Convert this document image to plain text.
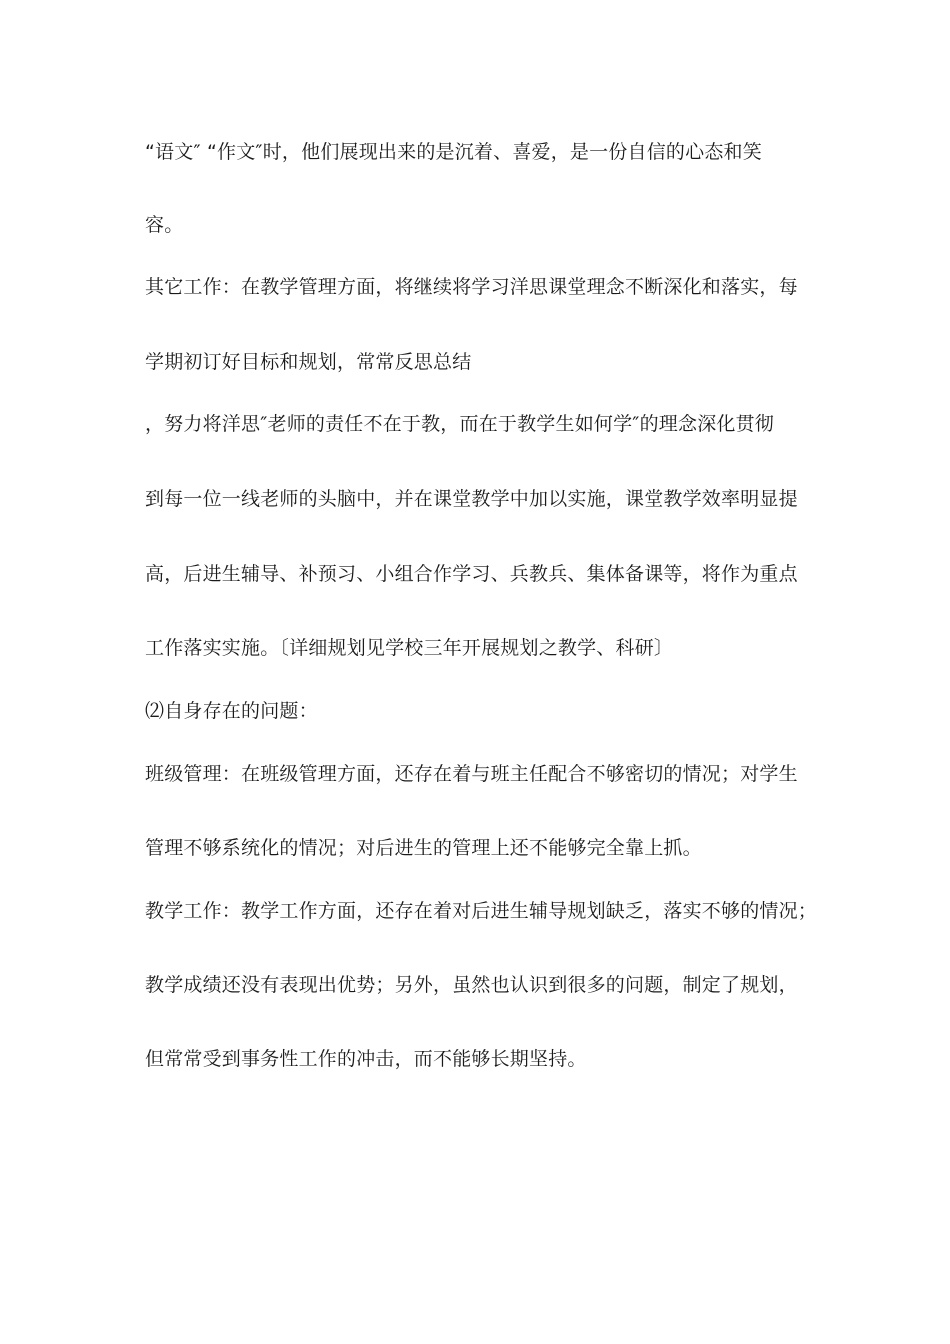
“语文″ “作文″时，他们展现出来的是沉着、喜爱，是一份自信的心态和笑
容。
其它工作：在教学管理方面，将继续将学习洋思课堂理念不断深化和落实，每
学期初订好目标和规划，常常反思总结
，努力将洋思″老师的责任不在于教，而在于教学生如何学″的理念深化贯彻
到每一位一线老师的头脑中，并在课堂教学中加以实施，课堂教学效率明显提
高，后进生辅导、补预习、小组合作学习、兵教兵、集体备课等，将作为重点
工作落实实施。〔详细规划见学校三年开展规划之教学、科研〕
⑵自身存在的问题：
班级管理：在班级管理方面，还存在着与班主任配合不够密切的情况；对学生
管理不够系统化的情况；对后进生的管理上还不能够完全靠上抓。
教学工作：教学工作方面，还存在着对后进生辅导规划缺乏，落实不够的情况；
教学成绩还没有表现出优势；另外，虽然也认识到很多的问题，制定了规划，
但常常受到事务性工作的冲击，而不能够长期坚持。
